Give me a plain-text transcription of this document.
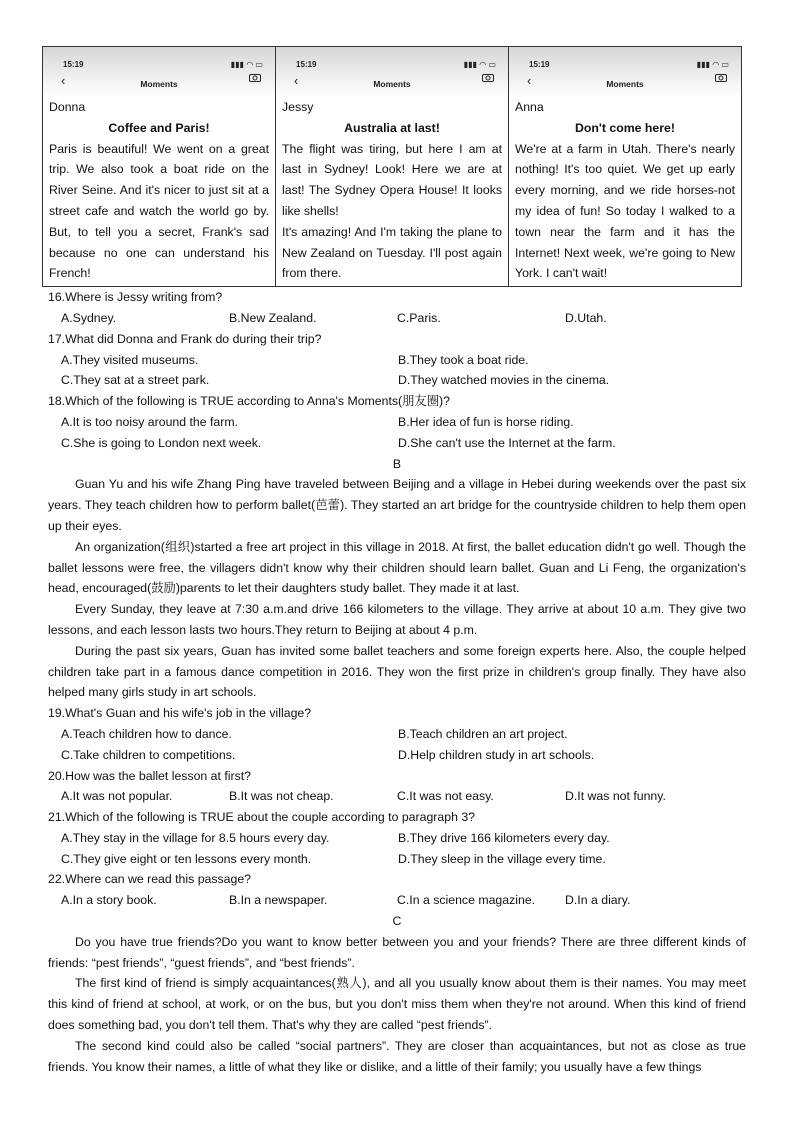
15:19	▮▮▮ ◠ ▭
‹	Moments
Donna
Coffee and Paris!
Paris is beautiful! We went on a great trip. We also took a boat ride on the River Seine. And it's nicer to just sit at a street cafe and watch the world go by. But, to tell you a secret, Frank's sad because no one can understand his French!

15:19	▮▮▮ ◠ ▭
‹	Moments
Jessy
Australia at last!
The flight was tiring, but here I am at last in Sydney! Look! Here we are at last! The Sydney Opera House! It looks like shells!
It's amazing! And I'm taking the plane to New Zealand on Tuesday. I'll post again from there.

15:19	▮▮▮ ◠ ▭
‹	Moments
Anna
Don't come here!
We're at a farm in Utah. There's nearly nothing! It's too quiet. We get up early every morning, and we ride horses-not my idea of fun! So today I walked to a town near the farm and it has the Internet! Next week, we're going to New York. I can't wait!
16.Where is Jessy writing from?
A.Sydney.	B.New Zealand.	C.Paris.	D.Utah.
17.What did Donna and Frank do during their trip?
A.They visited museums.	B.They took a boat ride.
C.They sat at a street park.	D.They watched movies in the cinema.
18.Which of the following is TRUE according to Anna's Moments(朋友圈)?
A.It is too noisy around the farm.	B.Her idea of fun is horse riding.
C.She is going to London next week.	D.She can't use the Internet at the farm.
B
Guan Yu and his wife Zhang Ping have traveled between Beijing and a village in Hebei during weekends over the past six years. They teach children how to perform ballet(芭蕾). They started an art bridge for the countryside children to help them open up their eyes.
An organization(组织)started a free art project in this village in 2018. At first, the ballet education didn't go well. Though the ballet lessons were free, the villagers didn't know why their children should learn ballet. Guan and Li Feng, the organization's head, encouraged(鼓励)parents to let their daughters study ballet. They made it at last.
Every Sunday, they leave at 7:30 a.m.and drive 166 kilometers to the village. They arrive at about 10 a.m. They give two lessons, and each lesson lasts two hours.They return to Beijing at about 4 p.m.
During the past six years, Guan has invited some ballet teachers and some foreign experts here. Also, the couple helped children take part in a famous dance competition in 2016. They won the first prize in children's group finally. They have also helped many girls study in art schools.
19.What's Guan and his wife's job in the village?
A.Teach children how to dance.	B.Teach children an art project.
C.Take children to competitions.	D.Help children study in art schools.
20.How was the ballet lesson at first?
A.It was not popular.	B.It was not cheap.	C.It was not easy.	D.It was not funny.
21.Which of the following is TRUE about the couple according to paragraph 3?
A.They stay in the village for 8.5 hours every day.	B.They drive 166 kilometers every day.
C.They give eight or ten lessons every month.	D.They sleep in the village every time.
22.Where can we read this passage?
A.In a story book.	B.In a newspaper.	C.In a science magazine.	D.In a diary.
C
Do you have true friends?Do you want to know better between you and your friends? There are three different kinds of friends: “pest friends”, “guest friends”, and “best friends”.
The first kind of friend is simply acquaintances(熟人), and all you usually know about them is their names. You may meet this kind of friend at school, at work, or on the bus, but you don't miss them when they're not around. When this kind of friend does something bad, you don't tell them. That's why they are called “pest friends”.
The second kind could also be called “social partners”. They are closer than acquaintances, but not as close as true friends. You know their names, a little of what they like or dislike, and a little of their family; you usually have a few things
